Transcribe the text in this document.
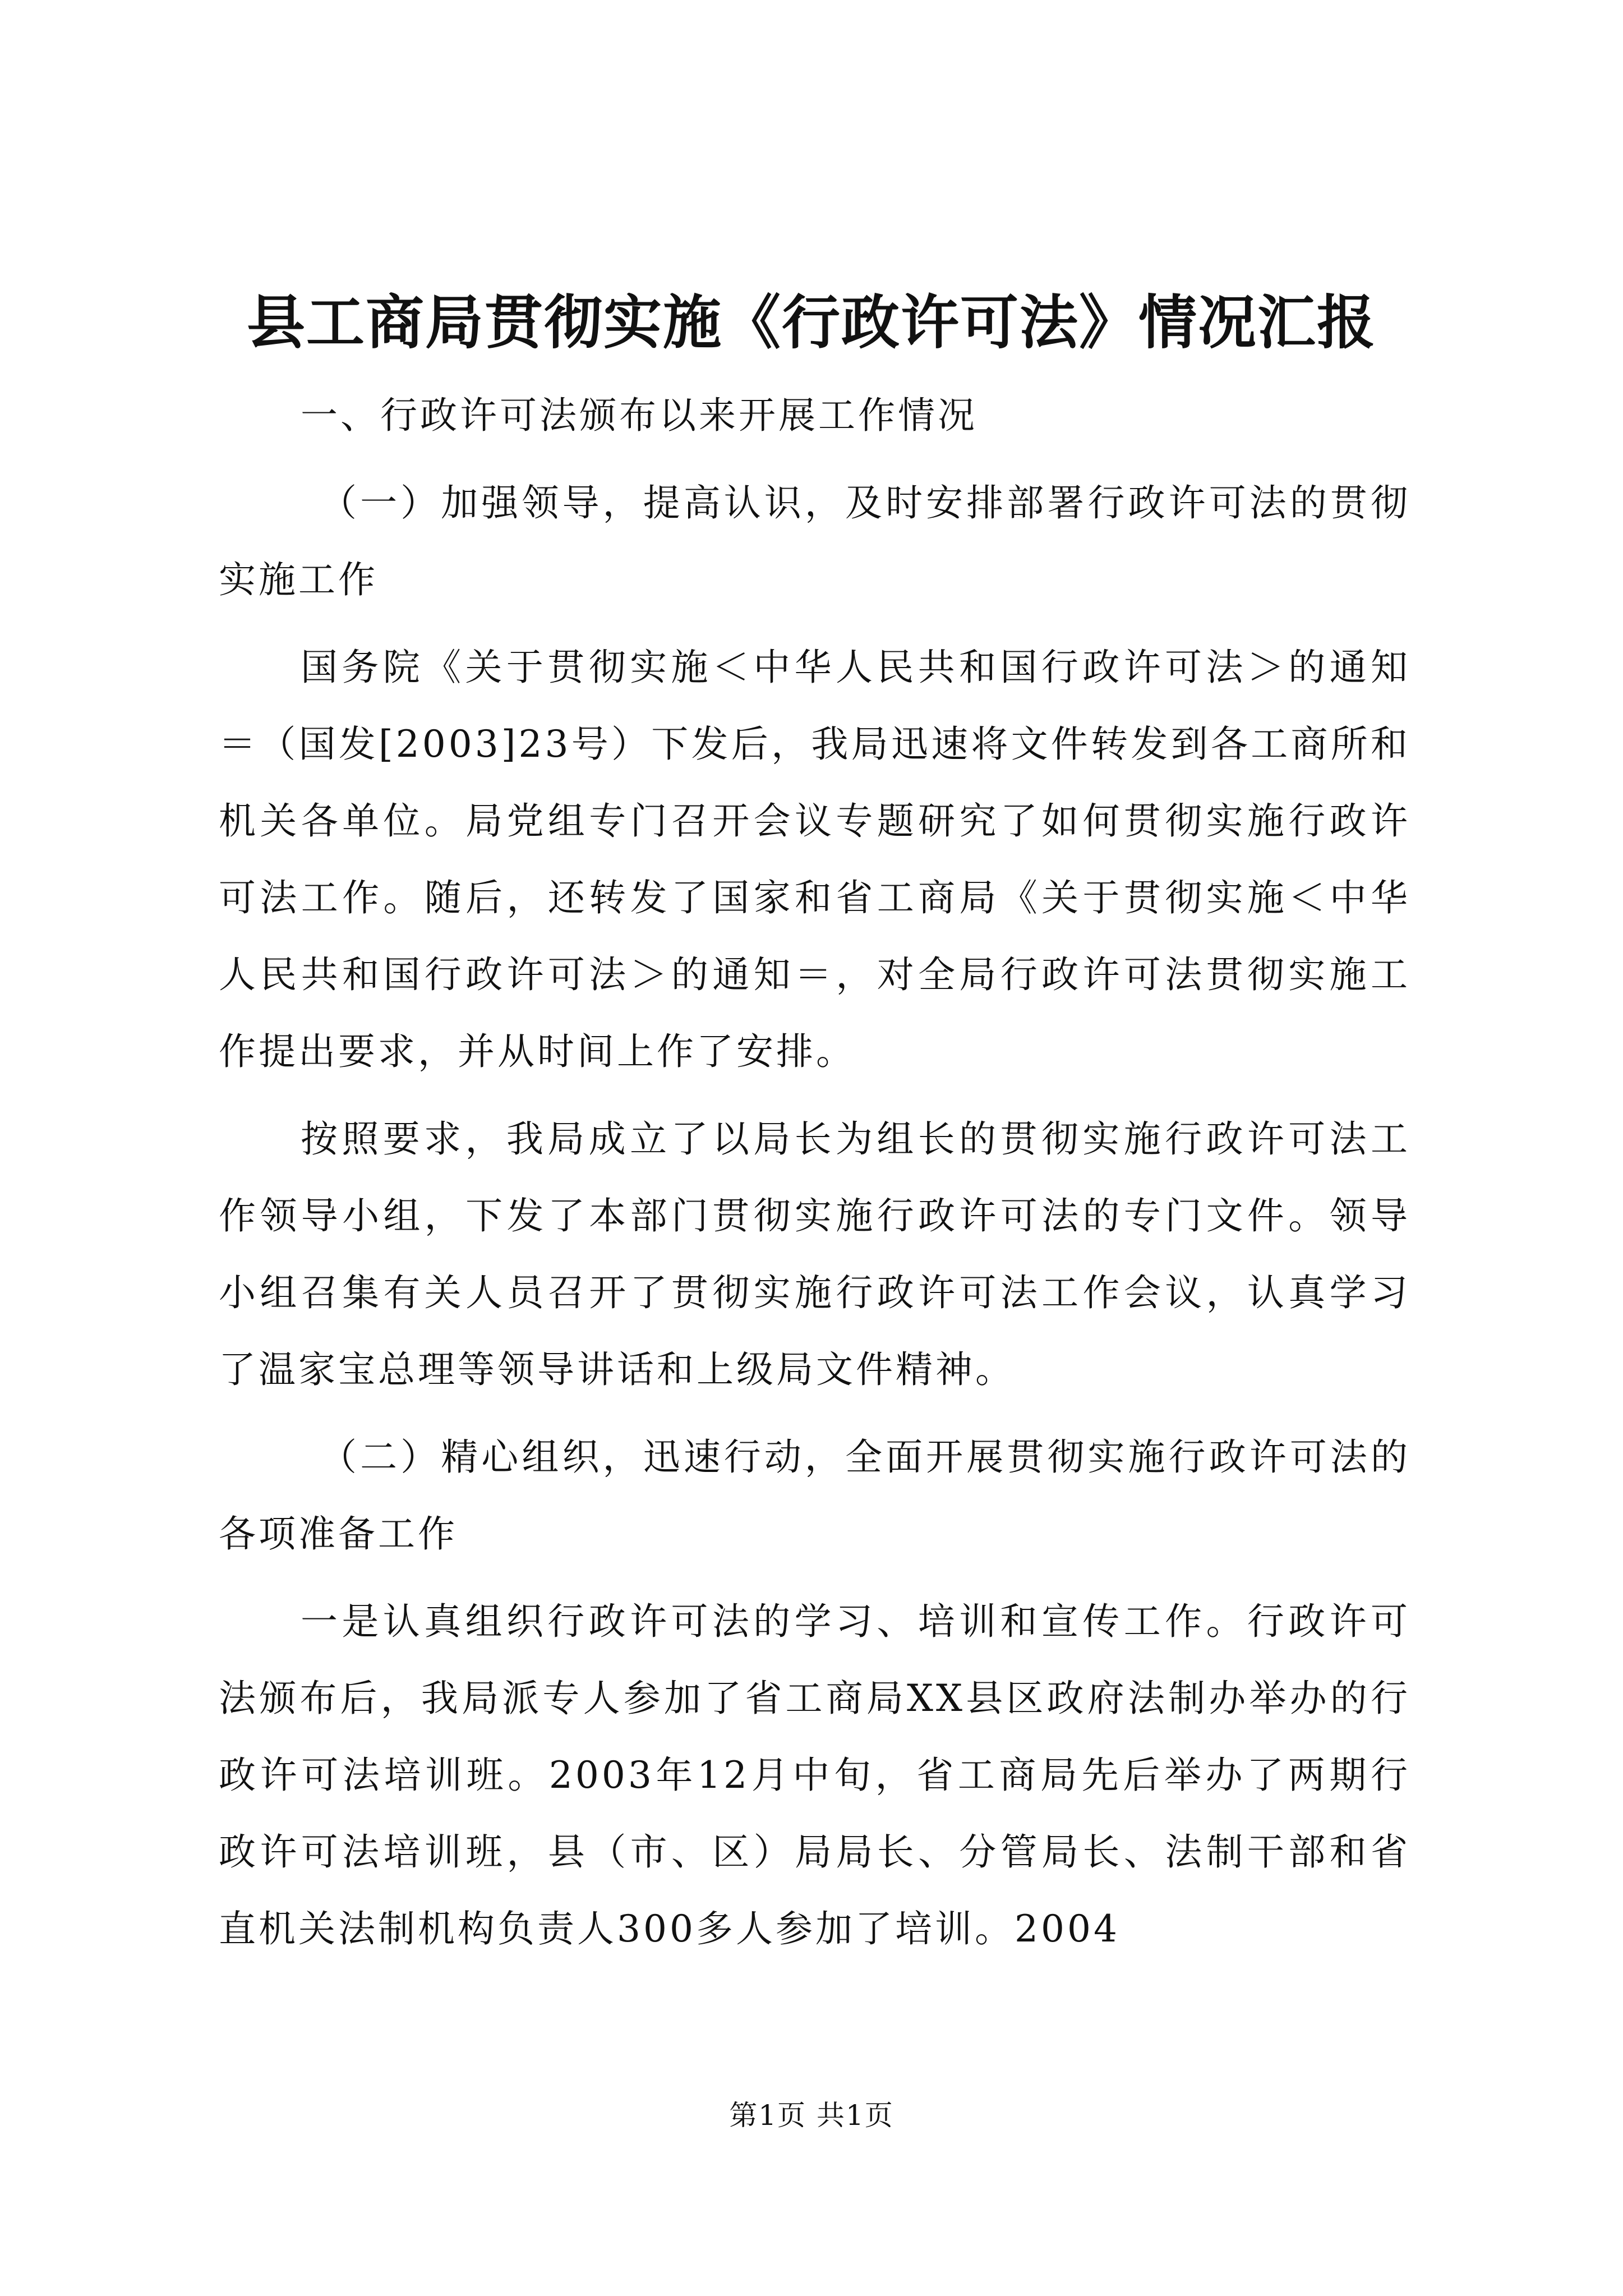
县工商局贯彻实施《行政许可法》情况汇报

一、行政许可法颁布以来开展工作情况

（一）加强领导，提高认识，及时安排部署行政许可法的贯彻实施工作

国务院《关于贯彻实施＜中华人民共和国行政许可法＞的通知＝（国发[2003]23号）下发后，我局迅速将文件转发到各工商所和机关各单位。局党组专门召开会议专题研究了如何贯彻实施行政许可法工作。随后，还转发了国家和省工商局《关于贯彻实施＜中华人民共和国行政许可法＞的通知＝，对全局行政许可法贯彻实施工作提出要求，并从时间上作了安排。

按照要求，我局成立了以局长为组长的贯彻实施行政许可法工作领导小组，下发了本部门贯彻实施行政许可法的专门文件。领导小组召集有关人员召开了贯彻实施行政许可法工作会议，认真学习了温家宝总理等领导讲话和上级局文件精神。

（二）精心组织，迅速行动，全面开展贯彻实施行政许可法的各项准备工作

一是认真组织行政许可法的学习、培训和宣传工作。行政许可法颁布后，我局派专人参加了省工商局XX县区政府法制办举办的行政许可法培训班。2003年12月中旬，省工商局先后举办了两期行政许可法培训班，县（市、区）局局长、分管局长、法制干部和省直机关法制机构负责人300多人参加了培训。2004

第1页 共1页
